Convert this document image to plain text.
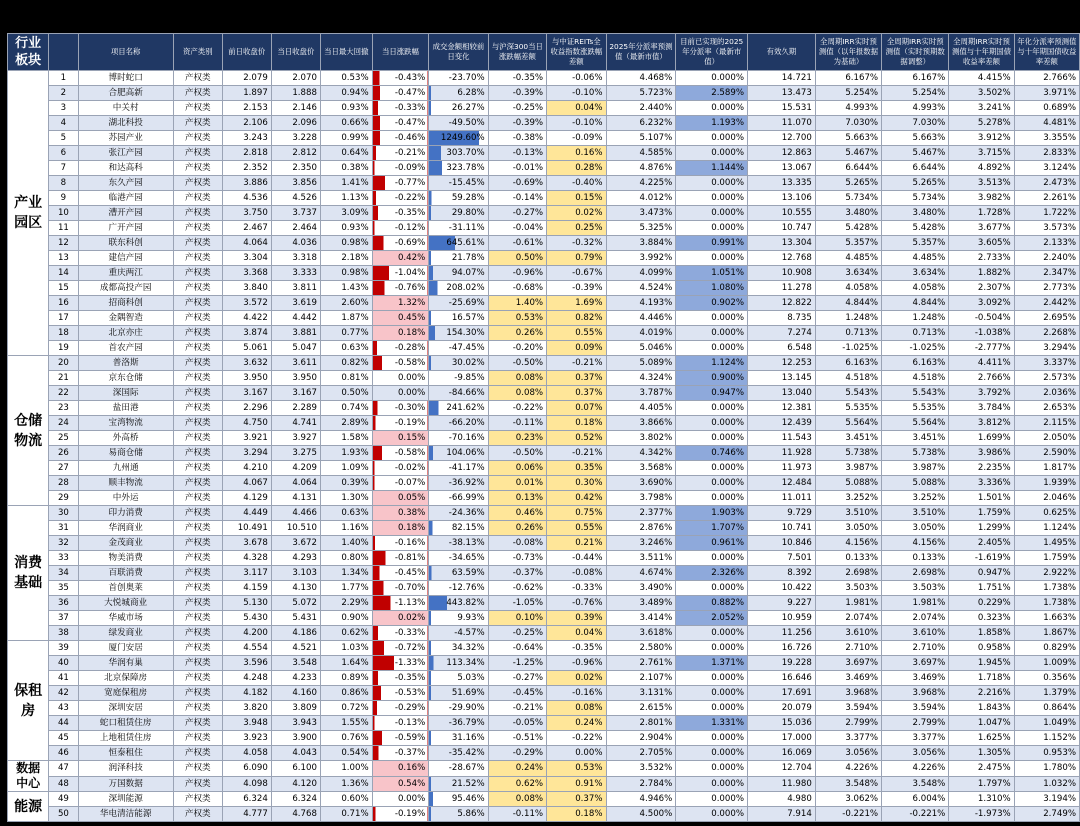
行业板块		项目名称	资产类别	前日收盘价	当日收盘价	当日最大回撤	当日涨跌幅	成交金额相较前日变化	与沪深300当日涨跌幅差额	与中证REITs全收益指数涨跌幅差额	2025年分派率预测值（最新市值）	目前已实现的2025年分派率（最新市值）	有效久期	全周期IRR实时预测值（以年报数据为基础）	全周期IRR实时预测值（实时预期数据调整）	全周期IRR实时预测值与十年期国债收益率差额	年化分派率预测值与十年期国债收益率差额

产业
园区	1	博时蛇口	产权类	2.079	2.070	0.53%	-0.43%	-23.70%	-0.35%	-0.06%	4.468%	0.000%	14.721	6.167%	6.167%	4.415%	2.766%
	2	合肥高新	产权类	1.897	1.888	0.94%	-0.47%	6.28%	-0.39%	-0.10%	5.723%	2.589%	13.473	5.254%	5.254%	3.502%	3.971%
	3	中关村	产权类	2.153	2.146	0.93%	-0.33%	26.27%	-0.25%	0.04%	2.440%	0.000%	15.531	4.993%	4.993%	3.241%	0.689%
	4	湖北科投	产权类	2.106	2.096	0.66%	-0.47%	-49.50%	-0.39%	-0.10%	6.232%	1.193%	11.070	7.030%	7.030%	5.278%	4.481%
	5	苏园产业	产权类	3.243	3.228	0.99%	-0.46%	1249.60%	-0.38%	-0.09%	5.107%	0.000%	12.700	5.663%	5.663%	3.912%	3.355%
	6	张江产园	产权类	2.818	2.812	0.64%	-0.21%	303.70%	-0.13%	0.16%	4.585%	0.000%	12.863	5.467%	5.467%	3.715%	2.833%
	7	和达高科	产权类	2.352	2.350	0.38%	-0.09%	323.78%	-0.01%	0.28%	4.876%	1.144%	13.067	6.644%	6.644%	4.892%	3.124%
	8	东久产园	产权类	3.886	3.856	1.41%	-0.77%	-15.45%	-0.69%	-0.40%	4.225%	0.000%	13.335	5.265%	5.265%	3.513%	2.473%
	9	临港产园	产权类	4.536	4.526	1.13%	-0.22%	59.28%	-0.14%	0.15%	4.012%	0.000%	13.106	5.734%	5.734%	3.982%	2.261%
	10	漕开产园	产权类	3.750	3.737	3.09%	-0.35%	29.80%	-0.27%	0.02%	3.473%	0.000%	10.555	3.480%	3.480%	1.728%	1.722%
	11	广开产园	产权类	2.467	2.464	0.93%	-0.12%	-31.11%	-0.04%	0.25%	5.325%	0.000%	10.747	5.428%	5.428%	3.677%	3.573%
	12	联东科创	产权类	4.064	4.036	0.98%	-0.69%	645.61%	-0.61%	-0.32%	3.884%	0.991%	13.304	5.357%	5.357%	3.605%	2.133%
	13	建信产园	产权类	3.304	3.318	2.18%	0.42%	21.78%	0.50%	0.79%	3.992%	0.000%	12.768	4.485%	4.485%	2.733%	2.240%
	14	重庆两江	产权类	3.368	3.333	0.98%	-1.04%	94.07%	-0.96%	-0.67%	4.099%	1.051%	10.908	3.634%	3.634%	1.882%	2.347%
	15	成都高投产园	产权类	3.840	3.811	1.43%	-0.76%	208.02%	-0.68%	-0.39%	4.524%	1.080%	11.278	4.058%	4.058%	2.307%	2.773%
	16	招商科创	产权类	3.572	3.619	2.60%	1.32%	-25.69%	1.40%	1.69%	4.193%	0.902%	12.822	4.844%	4.844%	3.092%	2.442%
	17	金隅智造	产权类	4.422	4.442	1.87%	0.45%	16.57%	0.53%	0.82%	4.446%	0.000%	8.735	1.248%	1.248%	-0.504%	2.695%
	18	北京亦庄	产权类	3.874	3.881	0.77%	0.18%	154.30%	0.26%	0.55%	4.019%	0.000%	7.274	0.713%	0.713%	-1.038%	2.268%
	19	首农产园	产权类	5.061	5.047	0.63%	-0.28%	-47.45%	-0.20%	0.09%	5.046%	0.000%	6.548	-1.025%	-1.025%	-2.777%	3.294%

仓储
物流	20	普洛斯	产权类	3.632	3.611	0.82%	-0.58%	30.02%	-0.50%	-0.21%	5.089%	1.124%	12.253	6.163%	6.163%	4.411%	3.337%
	21	京东仓储	产权类	3.950	3.950	0.81%	0.00%	-9.85%	0.08%	0.37%	4.324%	0.900%	13.145	4.518%	4.518%	2.766%	2.573%
	22	深国际	产权类	3.167	3.167	0.50%	0.00%	-84.66%	0.08%	0.37%	3.787%	0.947%	13.040	5.543%	5.543%	3.792%	2.036%
	23	盐田港	产权类	2.296	2.289	0.74%	-0.30%	241.62%	-0.22%	0.07%	4.405%	0.000%	12.381	5.535%	5.535%	3.784%	2.653%
	24	宝湾物流	产权类	4.750	4.741	2.89%	-0.19%	-66.20%	-0.11%	0.18%	3.866%	0.000%	12.439	5.564%	5.564%	3.812%	2.115%
	25	外高桥	产权类	3.921	3.927	1.58%	0.15%	-70.16%	0.23%	0.52%	3.802%	0.000%	11.543	3.451%	3.451%	1.699%	2.050%
	26	易商仓储	产权类	3.294	3.275	1.93%	-0.58%	104.06%	-0.50%	-0.21%	4.342%	0.746%	11.928	5.738%	5.738%	3.986%	2.590%
	27	九州通	产权类	4.210	4.209	1.09%	-0.02%	-41.17%	0.06%	0.35%	3.568%	0.000%	11.973	3.987%	3.987%	2.235%	1.817%
	28	顺丰物流	产权类	4.067	4.064	0.39%	-0.07%	-36.92%	0.01%	0.30%	3.690%	0.000%	12.484	5.088%	5.088%	3.336%	1.939%
	29	中外运	产权类	4.129	4.131	1.30%	0.05%	-66.99%	0.13%	0.42%	3.798%	0.000%	11.011	3.252%	3.252%	1.501%	2.046%

消费
基础	30	印力消费	产权类	4.449	4.466	0.63%	0.38%	-24.36%	0.46%	0.75%	2.377%	1.903%	9.729	3.510%	3.510%	1.759%	0.625%
	31	华润商业	产权类	10.491	10.510	1.16%	0.18%	82.15%	0.26%	0.55%	2.876%	1.707%	10.741	3.050%	3.050%	1.299%	1.124%
	32	金茂商业	产权类	3.678	3.672	1.40%	-0.16%	-38.13%	-0.08%	0.21%	3.246%	0.961%	10.846	4.156%	4.156%	2.405%	1.495%
	33	物美消费	产权类	4.328	4.293	0.80%	-0.81%	-34.65%	-0.73%	-0.44%	3.511%	0.000%	7.501	0.133%	0.133%	-1.619%	1.759%
	34	百联消费	产权类	3.117	3.103	1.34%	-0.45%	63.59%	-0.37%	-0.08%	4.674%	2.326%	8.392	2.698%	2.698%	0.947%	2.922%
	35	首创奥莱	产权类	4.159	4.130	1.77%	-0.70%	-12.76%	-0.62%	-0.33%	3.490%	0.000%	10.422	3.503%	3.503%	1.751%	1.738%
	36	大悦城商业	产权类	5.130	5.072	2.29%	-1.13%	443.82%	-1.05%	-0.76%	3.489%	0.882%	9.227	1.981%	1.981%	0.229%	1.738%
	37	华威市场	产权类	5.430	5.431	0.90%	0.02%	9.93%	0.10%	0.39%	3.414%	2.052%	10.959	2.074%	2.074%	0.323%	1.663%
	38	绿发商业	产权类	4.200	4.186	0.62%	-0.33%	-4.57%	-0.25%	0.04%	3.618%	0.000%	11.256	3.610%	3.610%	1.858%	1.867%

保租
房	39	厦门安居	产权类	4.554	4.521	1.03%	-0.72%	34.32%	-0.64%	-0.35%	2.580%	0.000%	16.726	2.710%	2.710%	0.958%	0.829%
	40	华润有巢	产权类	3.596	3.548	1.64%	-1.33%	113.34%	-1.25%	-0.96%	2.761%	1.371%	19.228	3.697%	3.697%	1.945%	1.009%
	41	北京保障房	产权类	4.248	4.233	0.89%	-0.35%	5.03%	-0.27%	0.02%	2.107%	0.000%	16.646	3.469%	3.469%	1.718%	0.356%
	42	宽庭保租房	产权类	4.182	4.160	0.86%	-0.53%	51.69%	-0.45%	-0.16%	3.131%	0.000%	17.691	3.968%	3.968%	2.216%	1.379%
	43	深圳安居	产权类	3.820	3.809	0.72%	-0.29%	-29.90%	-0.21%	0.08%	2.615%	0.000%	20.079	3.594%	3.594%	1.843%	0.864%
	44	蛇口租赁住房	产权类	3.948	3.943	1.55%	-0.13%	-36.79%	-0.05%	0.24%	2.801%	1.331%	15.036	2.799%	2.799%	1.047%	1.049%
	45	上地租赁住房	产权类	3.923	3.900	0.76%	-0.59%	31.16%	-0.51%	-0.22%	2.904%	0.000%	17.000	3.377%	3.377%	1.625%	1.152%
	46	恒泰租住	产权类	4.058	4.043	0.54%	-0.37%	-35.42%	-0.29%	0.00%	2.705%	0.000%	16.069	3.056%	3.056%	1.305%	0.953%

数据
中心	47	润泽科技	产权类	6.090	6.100	1.00%	0.16%	-28.67%	0.24%	0.53%	3.532%	0.000%	12.704	4.226%	4.226%	2.475%	1.780%
	48	万国数据	产权类	4.098	4.120	1.36%	0.54%	21.52%	0.62%	0.91%	2.784%	0.000%	11.980	3.548%	3.548%	1.797%	1.032%

能源	49	深圳能源	产权类	6.324	6.324	0.60%	0.00%	95.46%	0.08%	0.37%	4.946%	0.000%	4.980	3.062%	6.004%	1.310%	3.194%
	50	华电清洁能源	产权类	4.777	4.768	0.71%	-0.19%	5.86%	-0.11%	0.18%	4.500%	0.000%	7.914	-0.221%	-0.221%	-1.973%	2.749%
